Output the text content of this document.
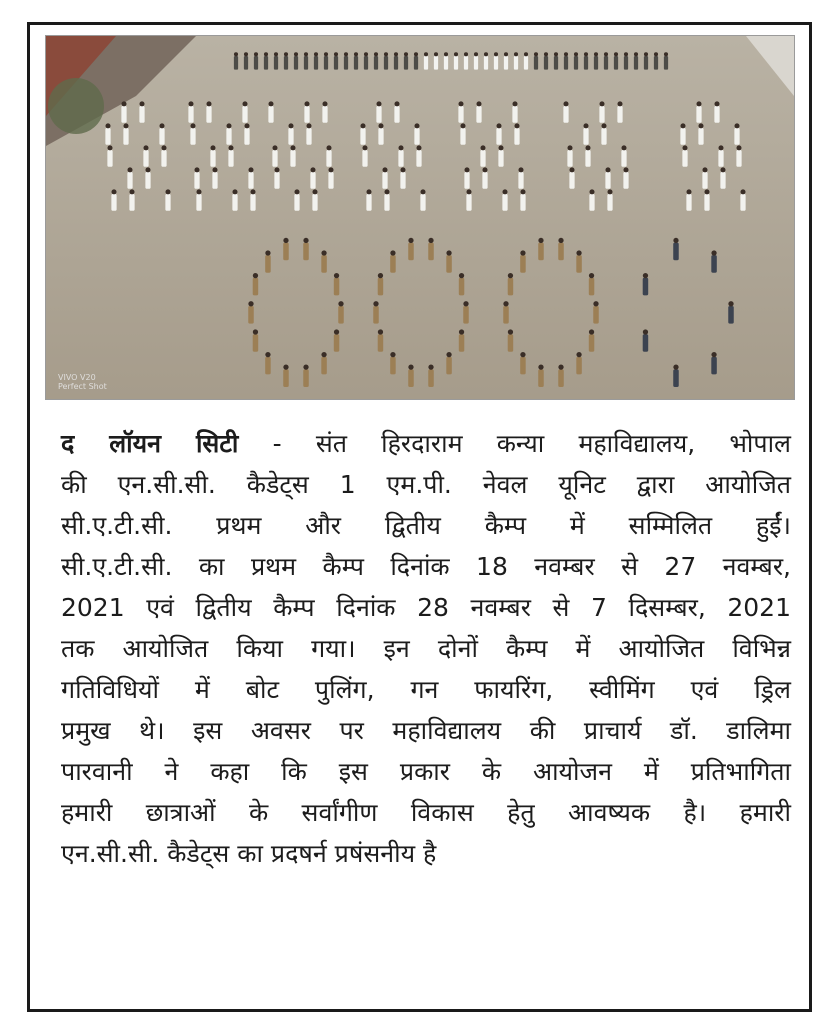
VIVO V20
Perfect Shot
द लॉयन सिटी - संत हिरदाराम कन्या महाविद्यालय, भोपाल
की एन.सी.सी. कैडेट्स 1 एम.पी. नेवल यूनिट द्वारा आयोजित
सी.ए.टी.सी. प्रथम और द्वितीय कैम्प में सम्मिलित हुईं।
सी.ए.टी.सी. का प्रथम कैम्प दिनांक 18 नवम्बर से 27 नवम्बर,
2021 एवं द्वितीय कैम्प दिनांक 28 नवम्बर से 7 दिसम्बर, 2021
तक आयोजित किया गया। इन दोनों कैम्प में आयोजित विभिन्न
गतिविधियों में बोट पुलिंग, गन फायरिंग, स्वीमिंग एवं ड्रिल
प्रमुख थे। इस अवसर पर महाविद्यालय की प्राचार्य डॉ. डालिमा
पारवानी ने कहा कि इस प्रकार के आयोजन में प्रतिभागिता
हमारी छात्राओं के सर्वांगीण विकास हेतु आवष्यक है। हमारी
एन.सी.सी. कैडेट्स का प्रदषर्न प्रषंसनीय है
